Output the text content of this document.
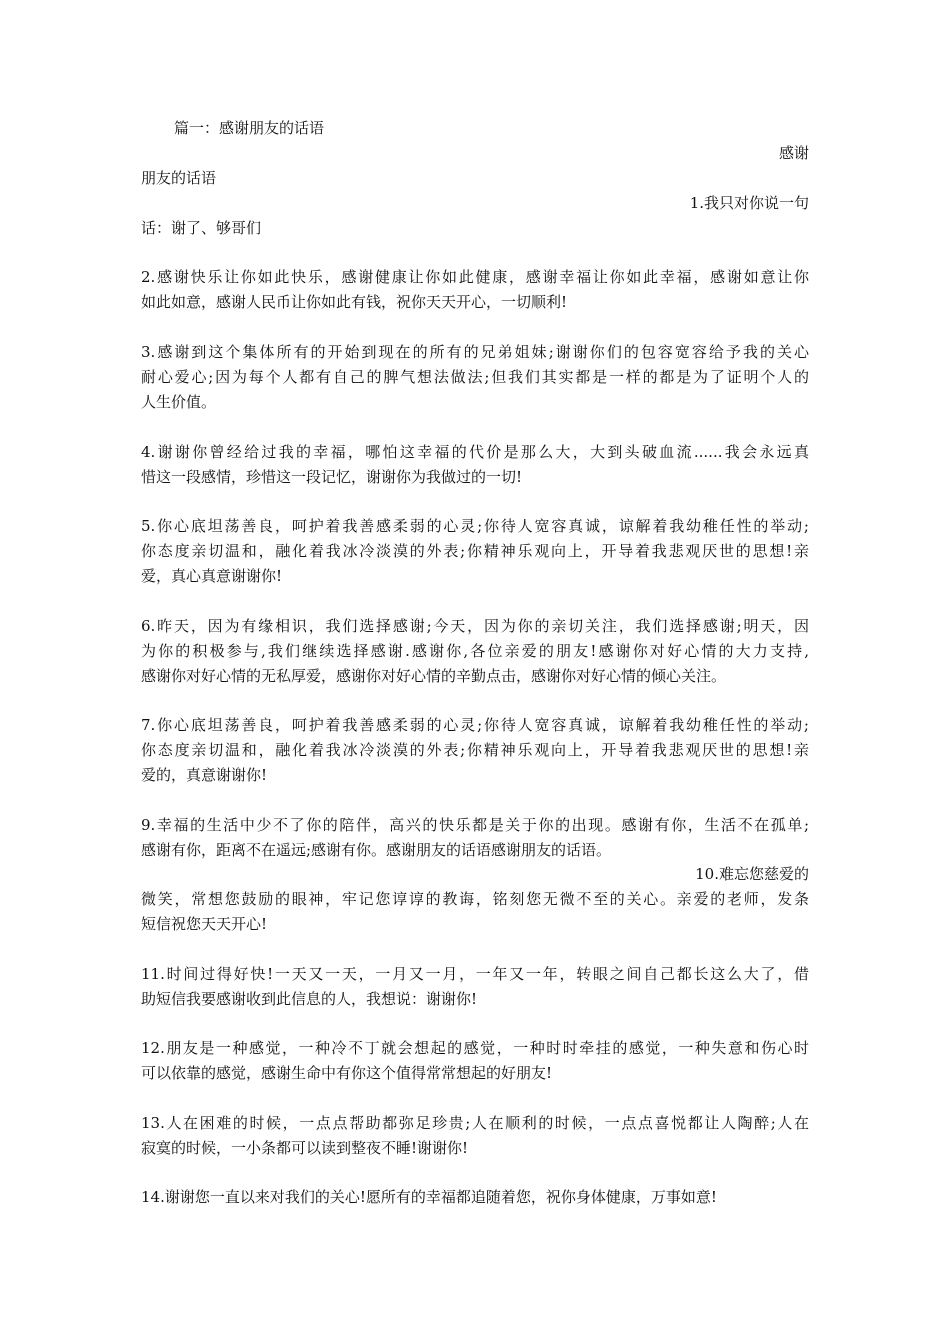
篇一：感谢朋友的话语
感谢
朋友的话语
1.我只对你说一句
话：谢了、够哥们
2.感谢快乐让你如此快乐，感谢健康让你如此健康，感谢幸福让你如此幸福，感谢如意让你
如此如意，感谢人民币让你如此有钱，祝你天天开心，一切顺利!
3.感谢到这个集体所有的开始到现在的所有的兄弟姐妹;谢谢你们的包容宽容给予我的关心
耐心爱心;因为每个人都有自己的脾气想法做法;但我们其实都是一样的都是为了证明个人的
人生价值。
4.谢谢你曾经给过我的幸福，哪怕这幸福的代价是那么大，大到头破血流......我会永远真
惜这一段感情，珍惜这一段记忆，谢谢你为我做过的一切!
5.你心底坦荡善良，呵护着我善感柔弱的心灵;你待人宽容真诚，谅解着我幼稚任性的举动;
你态度亲切温和，融化着我冰冷淡漠的外表;你精神乐观向上，开导着我悲观厌世的思想!亲
爱，真心真意谢谢你!
6.昨天，因为有缘相识，我们选择感谢;今天，因为你的亲切关注，我们选择感谢;明天，因
为你的积极参与,我们继续选择感谢.感谢你,各位亲爱的朋友!感谢你对好心情的大力支持,
感谢你对好心情的无私厚爱，感谢你对好心情的辛勤点击，感谢你对好心情的倾心关注。
7.你心底坦荡善良，呵护着我善感柔弱的心灵;你待人宽容真诚，谅解着我幼稚任性的举动;
你态度亲切温和，融化着我冰冷淡漠的外表;你精神乐观向上，开导着我悲观厌世的思想!亲
爱的，真意谢谢你!
9.幸福的生活中少不了你的陪伴，高兴的快乐都是关于你的出现。感谢有你，生活不在孤单;
感谢有你，距离不在遥远;感谢有你。感谢朋友的话语感谢朋友的话语。
10.难忘您慈爱的
微笑，常想您鼓励的眼神，牢记您谆谆的教诲，铭刻您无微不至的关心。亲爱的老师，发条
短信祝您天天开心!
11.时间过得好快!一天又一天，一月又一月，一年又一年，转眼之间自己都长这么大了，借
助短信我要感谢收到此信息的人，我想说：谢谢你!
12.朋友是一种感觉，一种冷不丁就会想起的感觉，一种时时牵挂的感觉，一种失意和伤心时
可以依靠的感觉，感谢生命中有你这个值得常常想起的好朋友!
13.人在困难的时候，一点点帮助都弥足珍贵;人在顺利的时候，一点点喜悦都让人陶醉;人在
寂寞的时候，一小条都可以读到整夜不睡!谢谢你!
14.谢谢您一直以来对我们的关心!愿所有的幸福都追随着您，祝你身体健康，万事如意!
